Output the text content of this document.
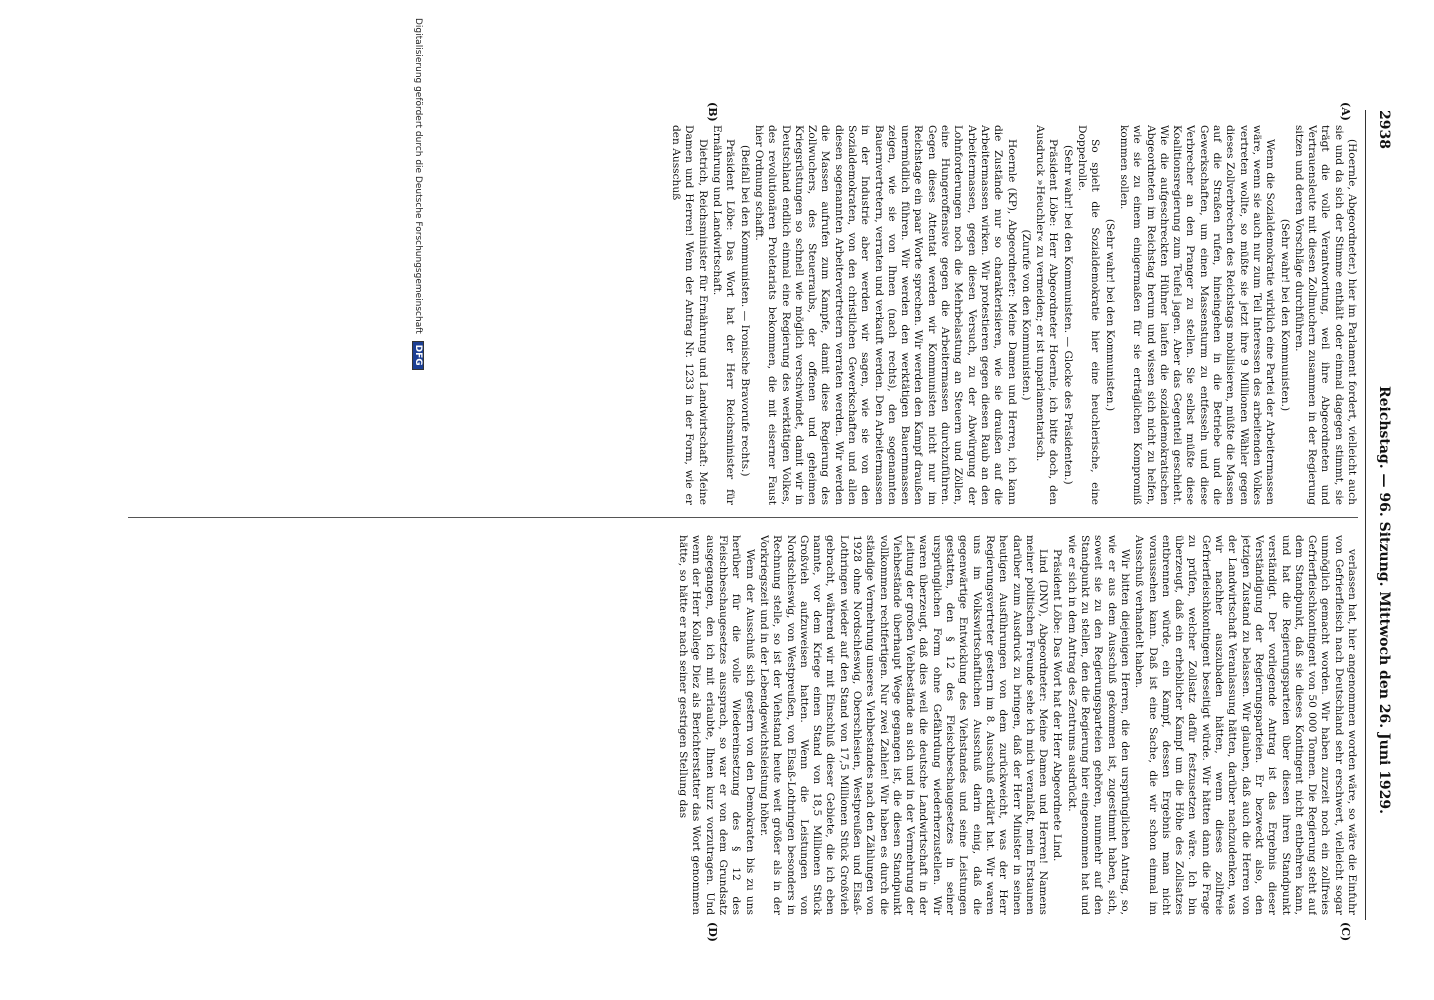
2938
Reichstag. — 96. Sitzung. Mittwoch den 26. Juni 1929.
(A)
(B)
(C)
(D)

(Hoernle, Abgeordneter.) hier im Parlament fordert, vielleicht auch sie und da sich der Stimme enthält oder einmal dagegen stimmt, sie trägt die volle Verantwortung, weil ihre Abgeordneten und Vertrauensleute mit diesen Zollmuchern zusammen in der Regierung sitzen und deren Vorschläge durchführen.

(Sehr wahr! bei den Kommunisten.)

Wenn die Sozialdemokratie wirklich eine Partei der Arbeitermassen wäre, wenn sie auch nur zum Teil Interessen des arbeitenden Volkes vertreten wollte, so müßte sie jetzt ihre 9 Millionen Wähler gegen dieses Zollverbrechen des Reichstags mobilisieren, müßte die Massen auf die Straßen rufen, hineingehen in die Betriebe und die Gewerkschaften, um einen Massensturm zu entfesseln und diese Verbrecher an den Pranger zu stellen. Sie selbst müßte diese Koalitionsregierung zum Teufel jagen. Aber das Gegenteil geschieht. Wie die aufgeschreckten Hühner laufen die sozialdemokratischen Abgeordneten im Reichstag herum und wissen sich nicht zu helfen, wie sie zu einem einigermaßen für sie erträglichen Kompromiß kommen sollen.

(Sehr wahr! bei den Kommunisten.)

So spielt die Sozialdemokratie hier eine heuchlerische, eine Doppelrolle.

(Sehr wahr! bei den Kommunisten. — Glocke des Präsidenten.)

Präsident Löbe: Herr Abgeordneter Hoernle, ich bitte doch, den Ausdruck »Heuchler« zu vermeiden; er ist unparlamentarisch.

(Zurufe von den Kommunisten.)

Hoernle (KP), Abgeordneter: Meine Damen und Herren, ich kann die Zustände nur so charakterisieren, wie sie draußen auf die Arbeitermassen wirken. Wir protestieren gegen diesen Raub an den Arbeitermassen, gegen diesen Versuch, zu der Abwürgung der Lohnforderungen noch die Mehrbelastung an Steuern und Zöllen, eine Hungeroffensive gegen die Arbeitermassen durchzuführen. Gegen dieses Attentat werden wir Kommunisten nicht nur im Reichstage ein paar Worte sprechen. Wir werden den Kampf draußen unermüdlich führen. Wir werden den werktätigen Bauernmassen zeigen, wie sie von Ihnen (nach rechts), den sogenannten Bauernvertretern, verraten und verkauft werden. Den Arbeitermassen in der Industrie aber werden wir sagen, wie sie von den Sozialdemokraten, von den christlichen Gewerkschaften und allen diesen sogenannten Arbeitervertretern verraten werden. Wir werden die Massen aufrufen zum Kampfe, damit diese Regierung des Zollwuchers, des Steuerraubs, der offenen und geheimen Kriegsrüstungen so schnell wie möglich verschwindet, damit wir in Deutschland endlich einmal eine Regierung des werktätigen Volkes, des revolutionären Proletariats bekommen, die mit eiserner Faust hier Ordnung schafft.

(Beifall bei den Kommunisten. — Ironische Bravorufe rechts.)

Präsident Löbe: Das Wort hat der Herr Reichsminister für Ernährung und Landwirtschaft.

Dietrich, Reichsminister für Ernährung und Landwirtschaft: Meine Damen und Herren! Wenn der Antrag Nr. 1233 in der Form, wie er den Ausschuß

verlassen hat, hier angenommen worden wäre, so wäre die Einfuhr von Gefrierfleisch nach Deutschland sehr erschwert, vielleicht sogar unmöglich gemacht worden. Wir haben zurzeit noch ein zollfreies Gefrierfleischkontingent von 50 000 Tonnen. Die Regierung steht auf dem Standpunkt, daß sie dieses Kontingent nicht entbehren kann, und hat die Regierungsparteien über diesen ihren Standpunkt verständigt. Der vorliegende Antrag ist das Ergebnis dieser Verständigung der Regierungsparteien. Er bezweckt also, den jetzigen Zustand zu belassen. Wir glauben, daß auch die Herren von der Landwirtschaft Veranlassung hätten, darüber nachzudenken, was wir nachher auszubaden hätten, wenn dieses zollfreie Gefrierfleischkontingent beseitigt würde. Wir hätten dann die Frage zu prüfen, welcher Zollsatz dafür festzusetzen wäre. Ich bin überzeugt, daß ein erheblicher Kampf um die Höhe des Zollsatzes entbrennen würde, ein Kampf, dessen Ergebnis man nicht voraussehen kann. Daß ist eine Sache, die wir schon einmal im Ausschuß verhandelt haben.

Wir bitten diejenigen Herren, die den ursprünglichen Antrag, so, wie er aus dem Ausschuß gekommen ist, zugestimmt haben, sich, soweit sie zu den Regierungsparteien gehören, nunmehr auf den Standpunkt zu stellen, den die Regierung hier eingenommen hat und wie er sich in dem Antrag des Zentrums ausdrückt.

Präsident Löbe: Das Wort hat der Herr Abgeordnete Lind.

Lind (DNV), Abgeordneter: Meine Damen und Herren! Namens meiner politischen Freunde sehe ich mich veranlaßt, mein Erstaunen darüber zum Ausdruck zu bringen, daß der Herr Minister in seinen heutigen Ausführungen von dem zurückweicht, was der Herr Regierungsvertreter gestern im 8. Ausschuß erklärt hat. Wir waren uns im Volkswirtschaftlichen Ausschuß darin einig, daß die gegenwärtige Entwicklung des Viehstandes und seine Leistungen gestatten, den § 12 des Fleischbeschaugesetzes in seiner ursprünglichen Form ohne Gefährdung wiederherzustellen. Wir waren überzeugt, daß dies weil die deutsche Landwirtschaft in der Leitung der großen Viehbestände an sich und in der Vermehrung der Viehbestände überhaupt Wege gegangen ist, die diesen Standpunkt vollkommen rechtfertigen. Nur zwei Zahlen! Wir haben es durch die ständige Vermehrung unseres Viehbestandes nach den Zählungen von 1928 ohne Nordschleswig, Oberschlesien, Westpreußen und Elsaß-Lothringen wieder auf den Stand von 17,5 Millionen Stück Großvieh gebracht, während wir mit Einschluß dieser Gebiete, die ich eben nannte, vor dem Kriege einen Stand von 18,5 Millionen Stück Großvieh aufzuweisen hatten. Wenn die Leistungen von Nordschleswig, von Westpreußen, von Elsaß-Lothringen besonders in Rechnung stelle, so ist der Viehstand heute weit größer als in der Vorkriegszeit und in der Lebendgewichtsleistung höher.

Wenn der Ausschuß sich gestern von den Demokraten bis zu uns herüber für die volle Wiedereinsetzung des § 12 des Fleischbeschaugesetzes aussprach, so war er von dem Grundsatz ausgegangen, den ich mit erlaubte, Ihnen kurz vorzutragen. Und wenn der Herr Kollege Diez als Berichterstatter das Wort genommen hätte, so hätte er nach seiner gestrigen Stellung das

Digitalisierung gefördert durch die Deutsche Forschungsgemeinschaft DFG
